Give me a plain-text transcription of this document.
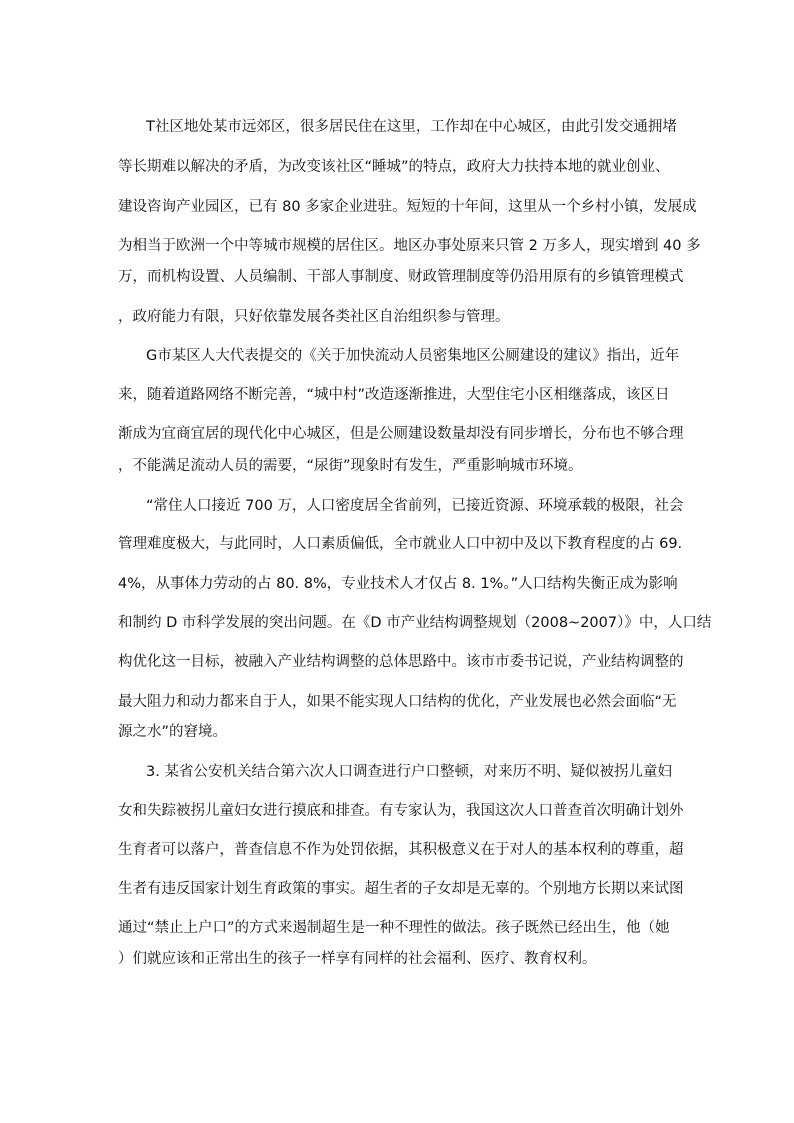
T社区地处某市远郊区，很多居民住在这里，工作却在中心城区，由此引发交通拥堵
等长期难以解决的矛盾，为改变该社区“睡城”的特点，政府大力扶持本地的就业创业、
建设咨询产业园区，已有 80 多家企业进驻。短短的十年间，这里从一个乡村小镇，发展成
为相当于欧洲一个中等城市规模的居住区。地区办事处原来只管 2 万多人，现实增到 40 多
万，而机构设置、人员编制、干部人事制度、财政管理制度等仍沿用原有的乡镇管理模式
，政府能力有限，只好依靠发展各类社区自治组织参与管理。
G市某区人大代表提交的《关于加快流动人员密集地区公厕建设的建议》指出，近年
来，随着道路网络不断完善，“城中村”改造逐渐推进，大型住宅小区相继落成，该区日
渐成为宜商宜居的现代化中心城区，但是公厕建设数量却没有同步增长，分布也不够合理
，不能满足流动人员的需要，“尿街”现象时有发生，严重影响城市环境。
“常住人口接近 700 万，人口密度居全省前列，已接近资源、环境承载的极限，社会
管理难度极大，与此同时，人口素质偏低，全市就业人口中初中及以下教育程度的占 69.
4%，从事体力劳动的占 80. 8%，专业技术人才仅占 8. 1%。”人口结构失衡正成为影响
和制约 D 市科学发展的突出问题。在《D 市产业结构调整规划（2008~2007）》中，人口结
构优化这一目标，被融入产业结构调整的总体思路中。该市市委书记说，产业结构调整的
最大阻力和动力都来自于人，如果不能实现人口结构的优化，产业发展也必然会面临“无
源之水”的窘境。
3. 某省公安机关结合第六次人口调查进行户口整顿，对来历不明、疑似被拐儿童妇
女和失踪被拐儿童妇女进行摸底和排查。有专家认为，我国这次人口普查首次明确计划外
生育者可以落户，普查信息不作为处罚依据，其积极意义在于对人的基本权利的尊重，超
生者有违反国家计划生育政策的事实。超生者的子女却是无辜的。个别地方长期以来试图
通过“禁止上户口”的方式来遏制超生是一种不理性的做法。孩子既然已经出生，他（她
）们就应该和正常出生的孩子一样享有同样的社会福利、医疗、教育权利。
